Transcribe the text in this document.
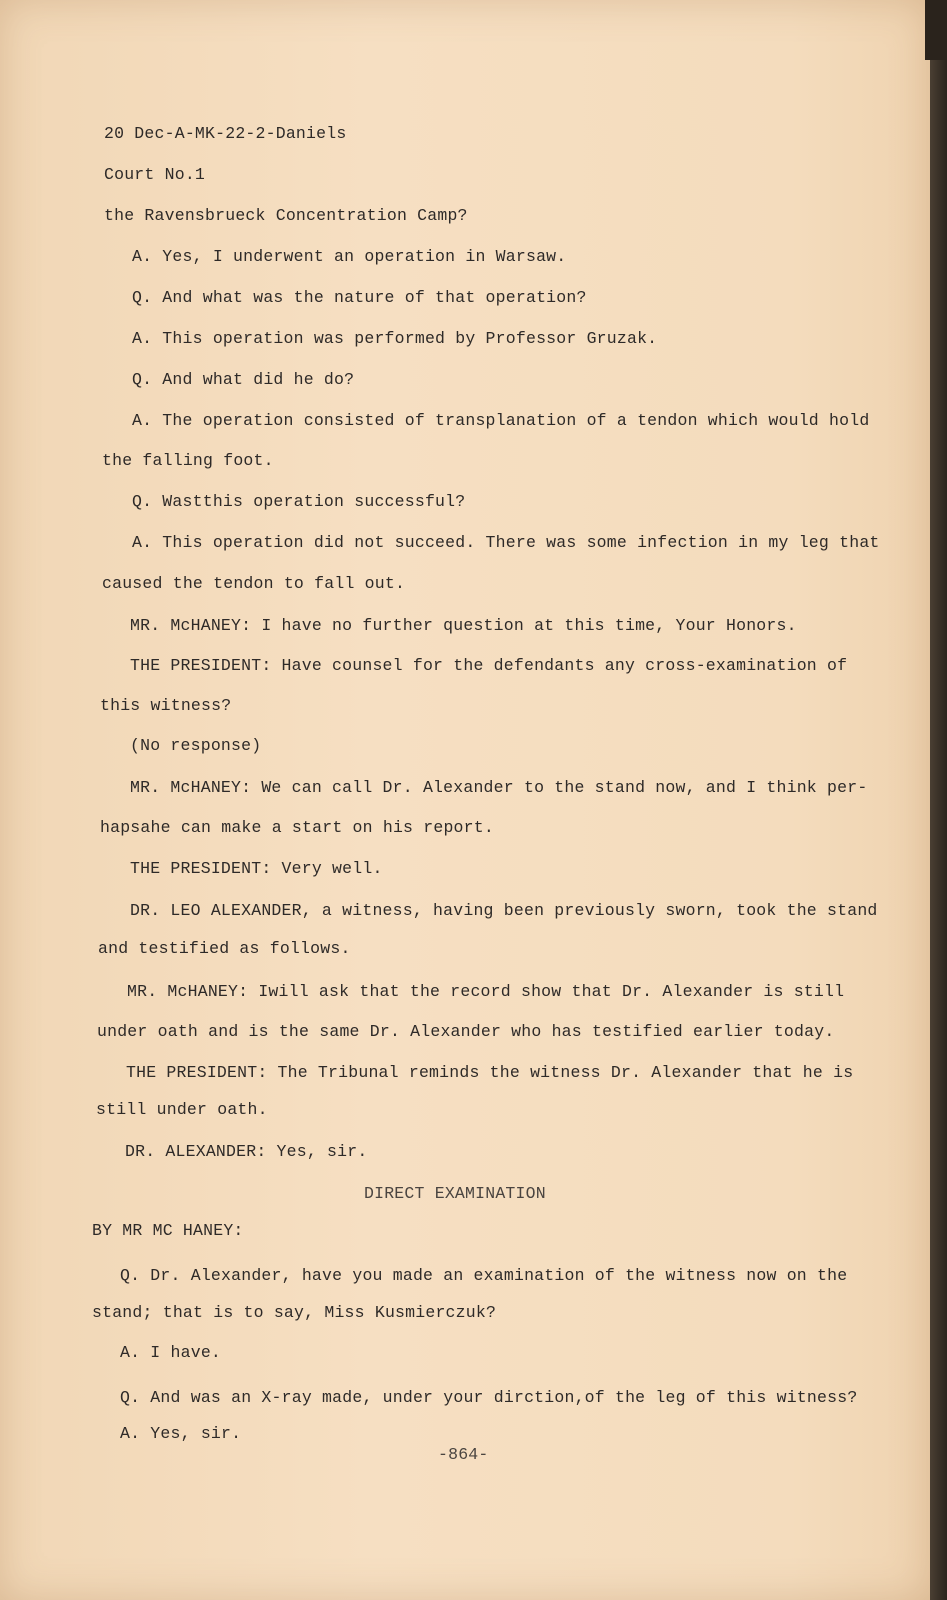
20 Dec-A-MK-22-2-Daniels
Court No.1
the Ravensbrueck Concentration Camp?
A. Yes, I underwent an operation in Warsaw.
Q. And what was the nature of that operation?
A. This operation was performed by Professor Gruzak.
Q. And what did he do?
A. The operation consisted of transplanation of a tendon which would hold
the falling foot.
Q. Wastthis operation successful?
A. This operation did not succeed. There was some infection in my leg that
caused the tendon to fall out.
MR. McHANEY: I have no further question at this time, Your Honors.
THE PRESIDENT: Have counsel for the defendants any cross-examination of
this witness?
(No response)
MR. McHANEY: We can call Dr. Alexander to the stand now, and I think per-
hapsahe can make a start on his report.
THE PRESIDENT: Very well.
DR. LEO ALEXANDER, a witness, having been previously sworn, took the stand
and testified as follows.
MR. McHANEY: Iwill ask that the record show that Dr. Alexander is still
under oath and is the same Dr. Alexander who has testified earlier today.
THE PRESIDENT: The Tribunal reminds the witness Dr. Alexander that he is
still under oath.
DR. ALEXANDER: Yes, sir.
DIRECT EXAMINATION
BY MR MC HANEY:
Q. Dr. Alexander, have you made an examination of the witness now on the
stand; that is to say, Miss Kusmierczuk?
A. I have.
Q. And was an X-ray made, under your dirction,of the leg of this witness?
A. Yes, sir.
-864-
